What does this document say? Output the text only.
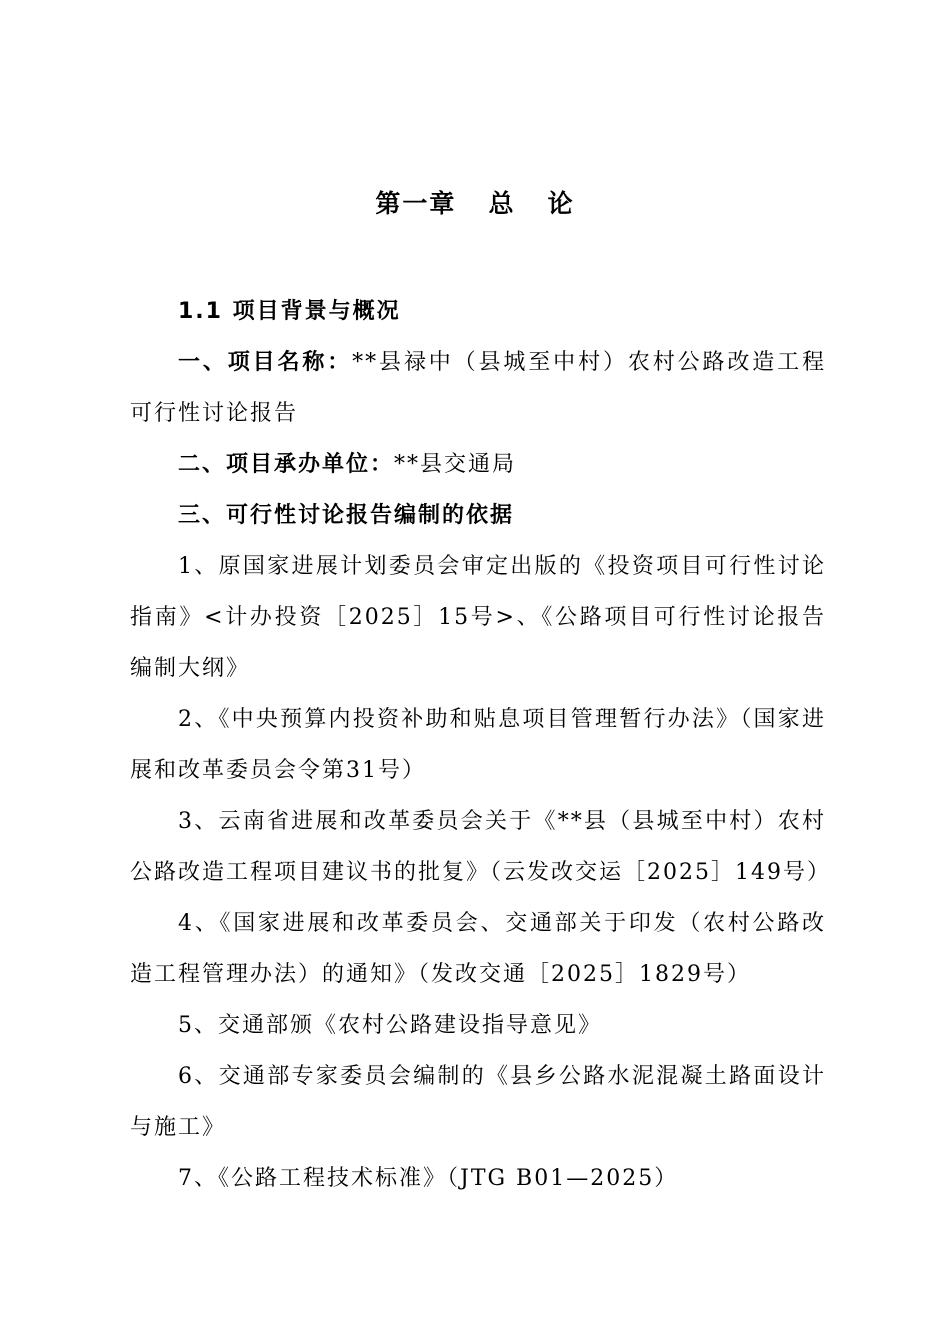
第一章   总   论

1.1 项目背景与概况

一、项目名称：**县禄中（县城至中村）农村公路改造工程可行性讨论报告

二、项目承办单位：**县交通局

三、可行性讨论报告编制的依据

1、原国家进展计划委员会审定出版的《投资项目可行性讨论指南》<计办投资［2025］15号>、《公路项目可行性讨论报告编制大纲》

2、《中央预算内投资补助和贴息项目管理暂行办法》（国家进展和改革委员会令第31号）

3、云南省进展和改革委员会关于《**县（县城至中村）农村公路改造工程项目建议书的批复》（云发改交运［2025］149号）

4、《国家进展和改革委员会、交通部关于印发（农村公路改造工程管理办法）的通知》（发改交通［2025］1829号）

5、交通部颁《农村公路建设指导意见》

6、交通部专家委员会编制的《县乡公路水泥混凝土路面设计与施工》

7、《公路工程技术标准》（JTG B01—2025）
